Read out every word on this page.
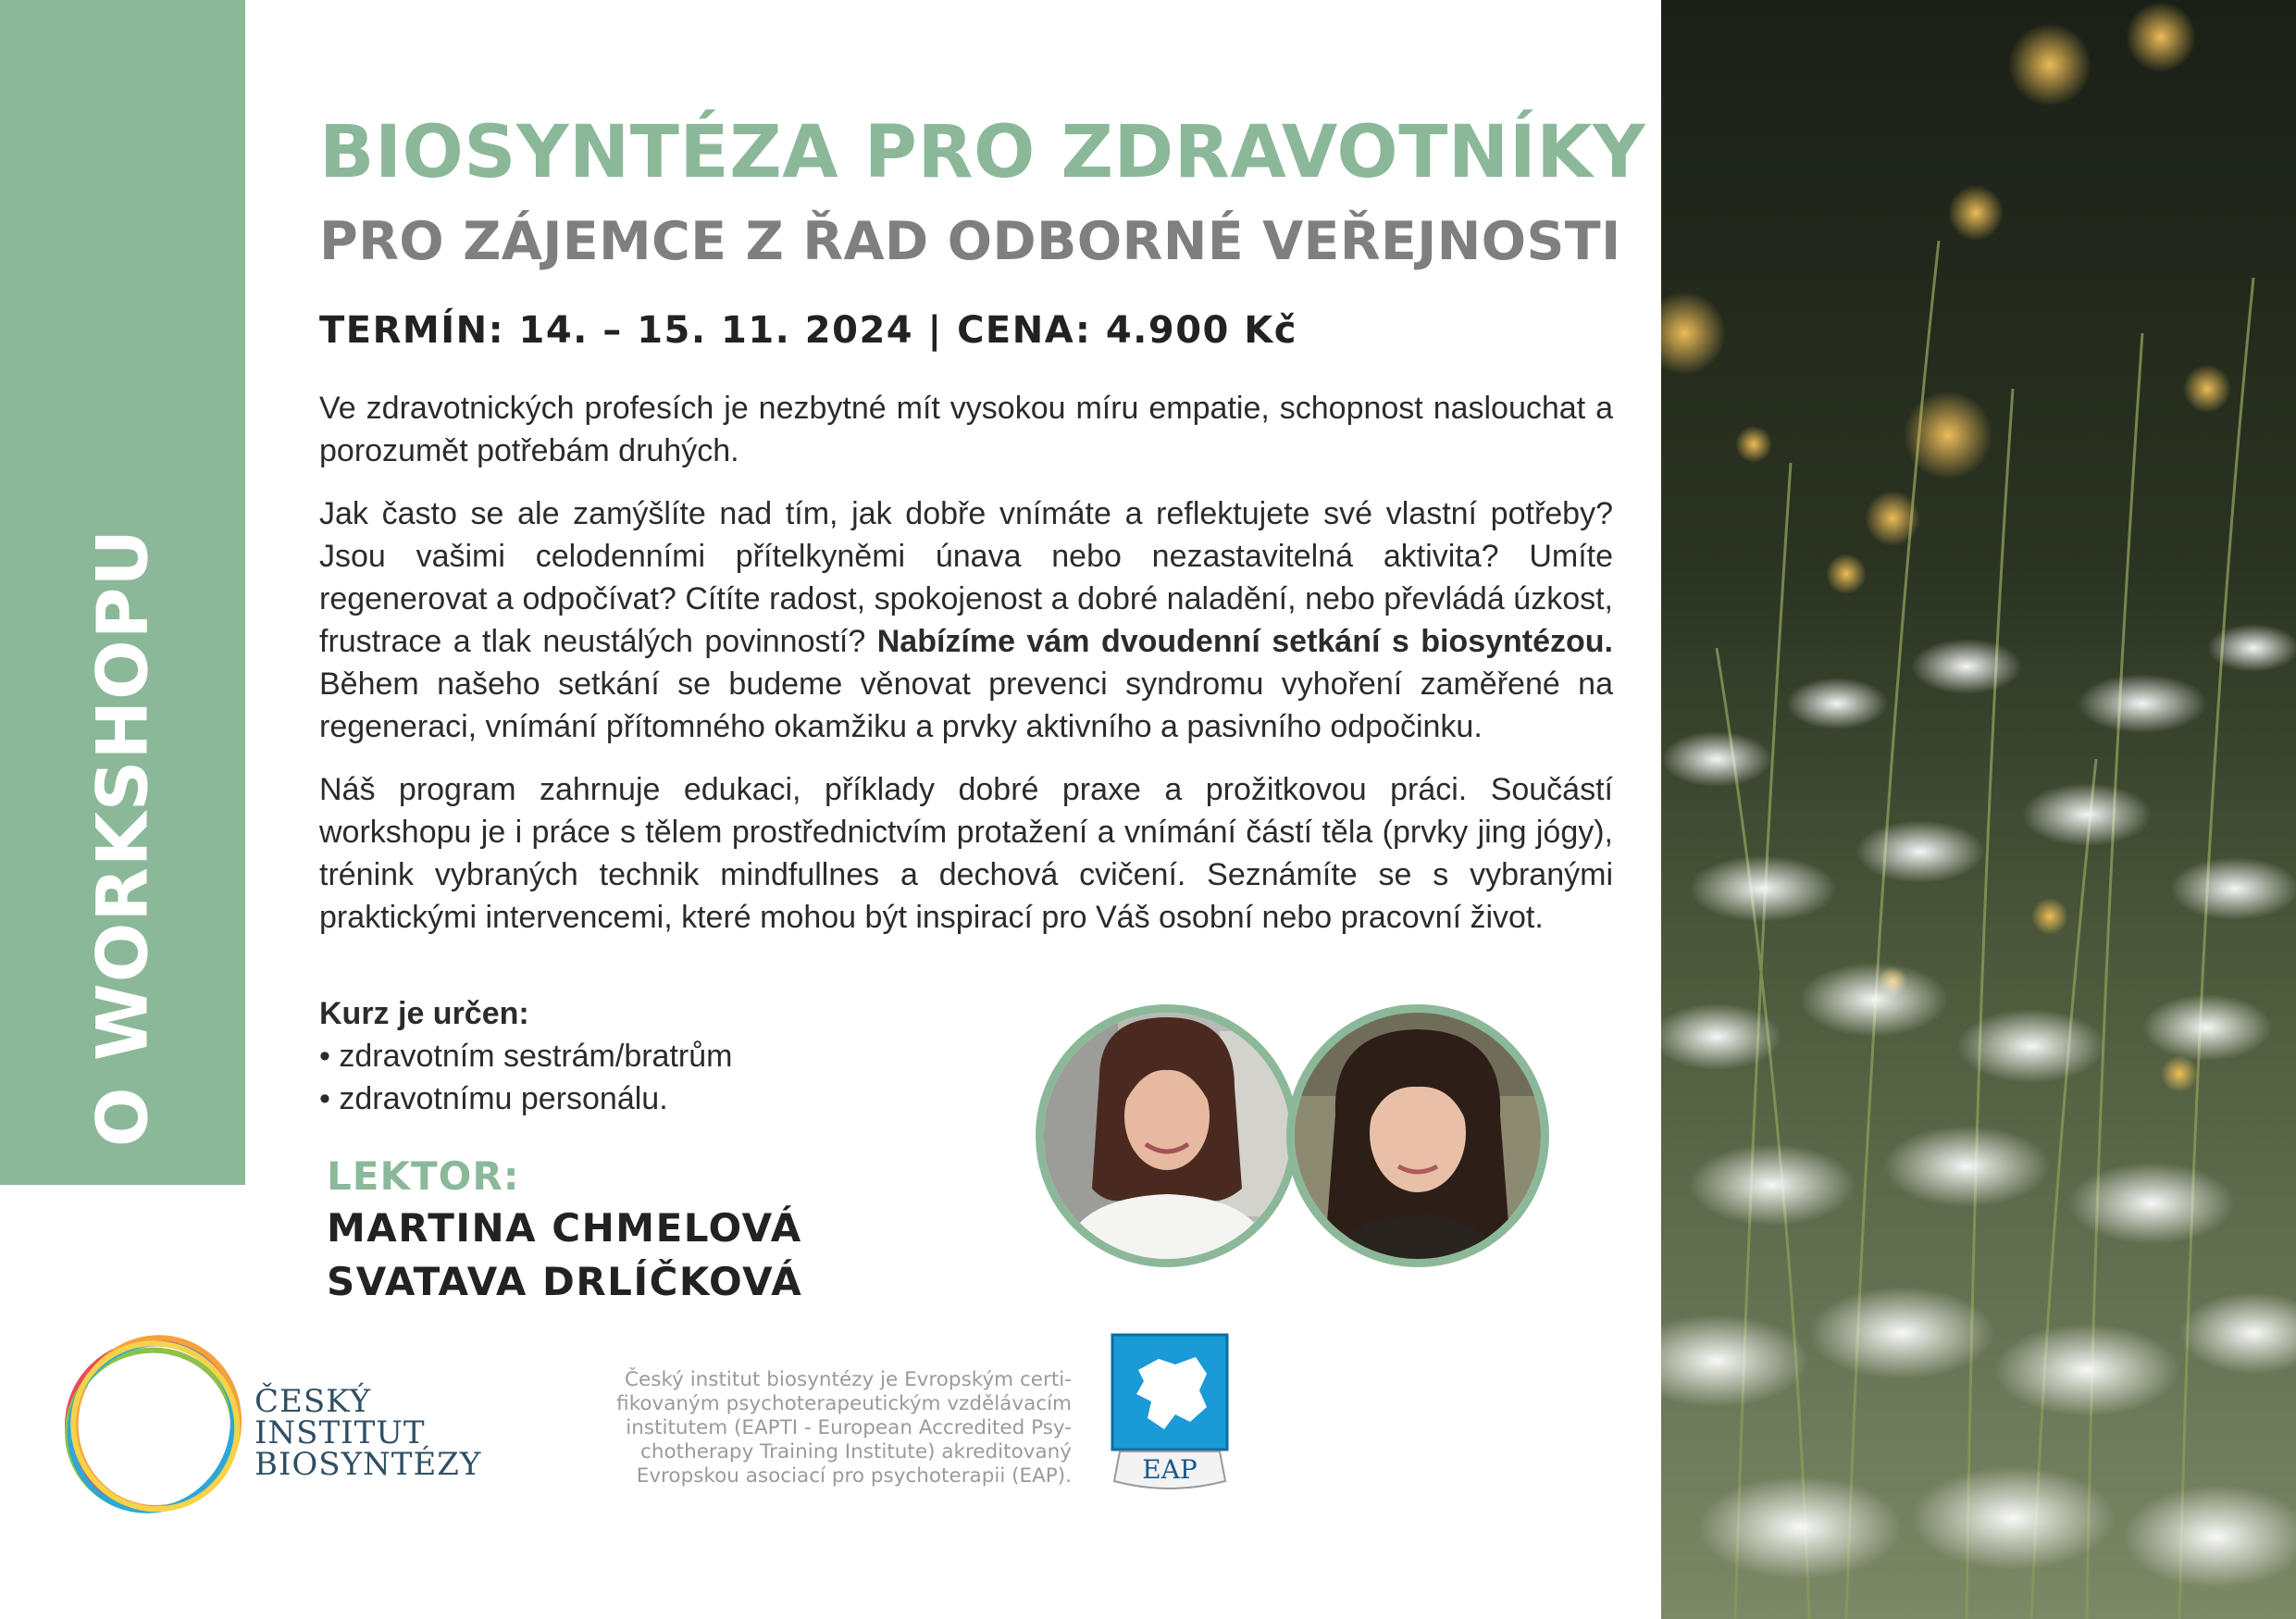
O WORKSHOPU
BIOSYNTÉZA PRO ZDRAVOTNÍKY
PRO ZÁJEMCE Z ŘAD ODBORNÉ VEŘEJNOSTI
TERMÍN: 14. – 15. 11. 2024 | CENA: 4.900 Kč

Ve zdravotnických profesích je nezbytné mít vysokou míru empatie, schopnost naslouchat a porozumět potřebám druhých.

Jak často se ale zamýšlíte nad tím, jak dobře vnímáte a reflektujete své vlastní potřeby? Jsou vašimi celodenními přítelkyněmi únava nebo nezastavitelná aktivita? Umíte regenerovat a odpočívat? Cítíte radost, spokojenost a dobré naladění, nebo převládá úzkost, frustrace a tlak neustálých povinností? Nabízíme vám dvoudenní setkání s biosyntézou. Během našeho setkání se budeme věnovat prevenci syndromu vyhoření zaměřené na regeneraci, vnímání přítomného okamžiku a prvky aktivního a pasivního odpočinku.

Náš program zahrnuje edukaci, příklady dobré praxe a prožitkovou práci. Součástí workshopu je i práce s tělem prostřednictvím protažení a vnímání částí těla (prvky jing jógy), trénink vybraných technik mindfullnes a dechová cvičení. Seznámíte se s vybranými praktickými intervencemi, které mohou být inspirací pro Váš osobní nebo pracovní život.

Kurz je určen:
• zdravotním sestrám/bratrům
• zdravotnímu personálu.
LEKTOR:
MARTINA CHMELOVÁ
SVATAVA DRLÍČKOVÁ
ČESKÝ
INSTITUT
BIOSYNTÉZY
Český institut biosyntézy je Evropským certi-
fikovaným psychoterapeutickým vzdělávacím
institutem (EAPTI - European Accredited Psy-
chotherapy Training Institute) akreditovaný
Evropskou asociací pro psychoterapii (EAP).	EAP
